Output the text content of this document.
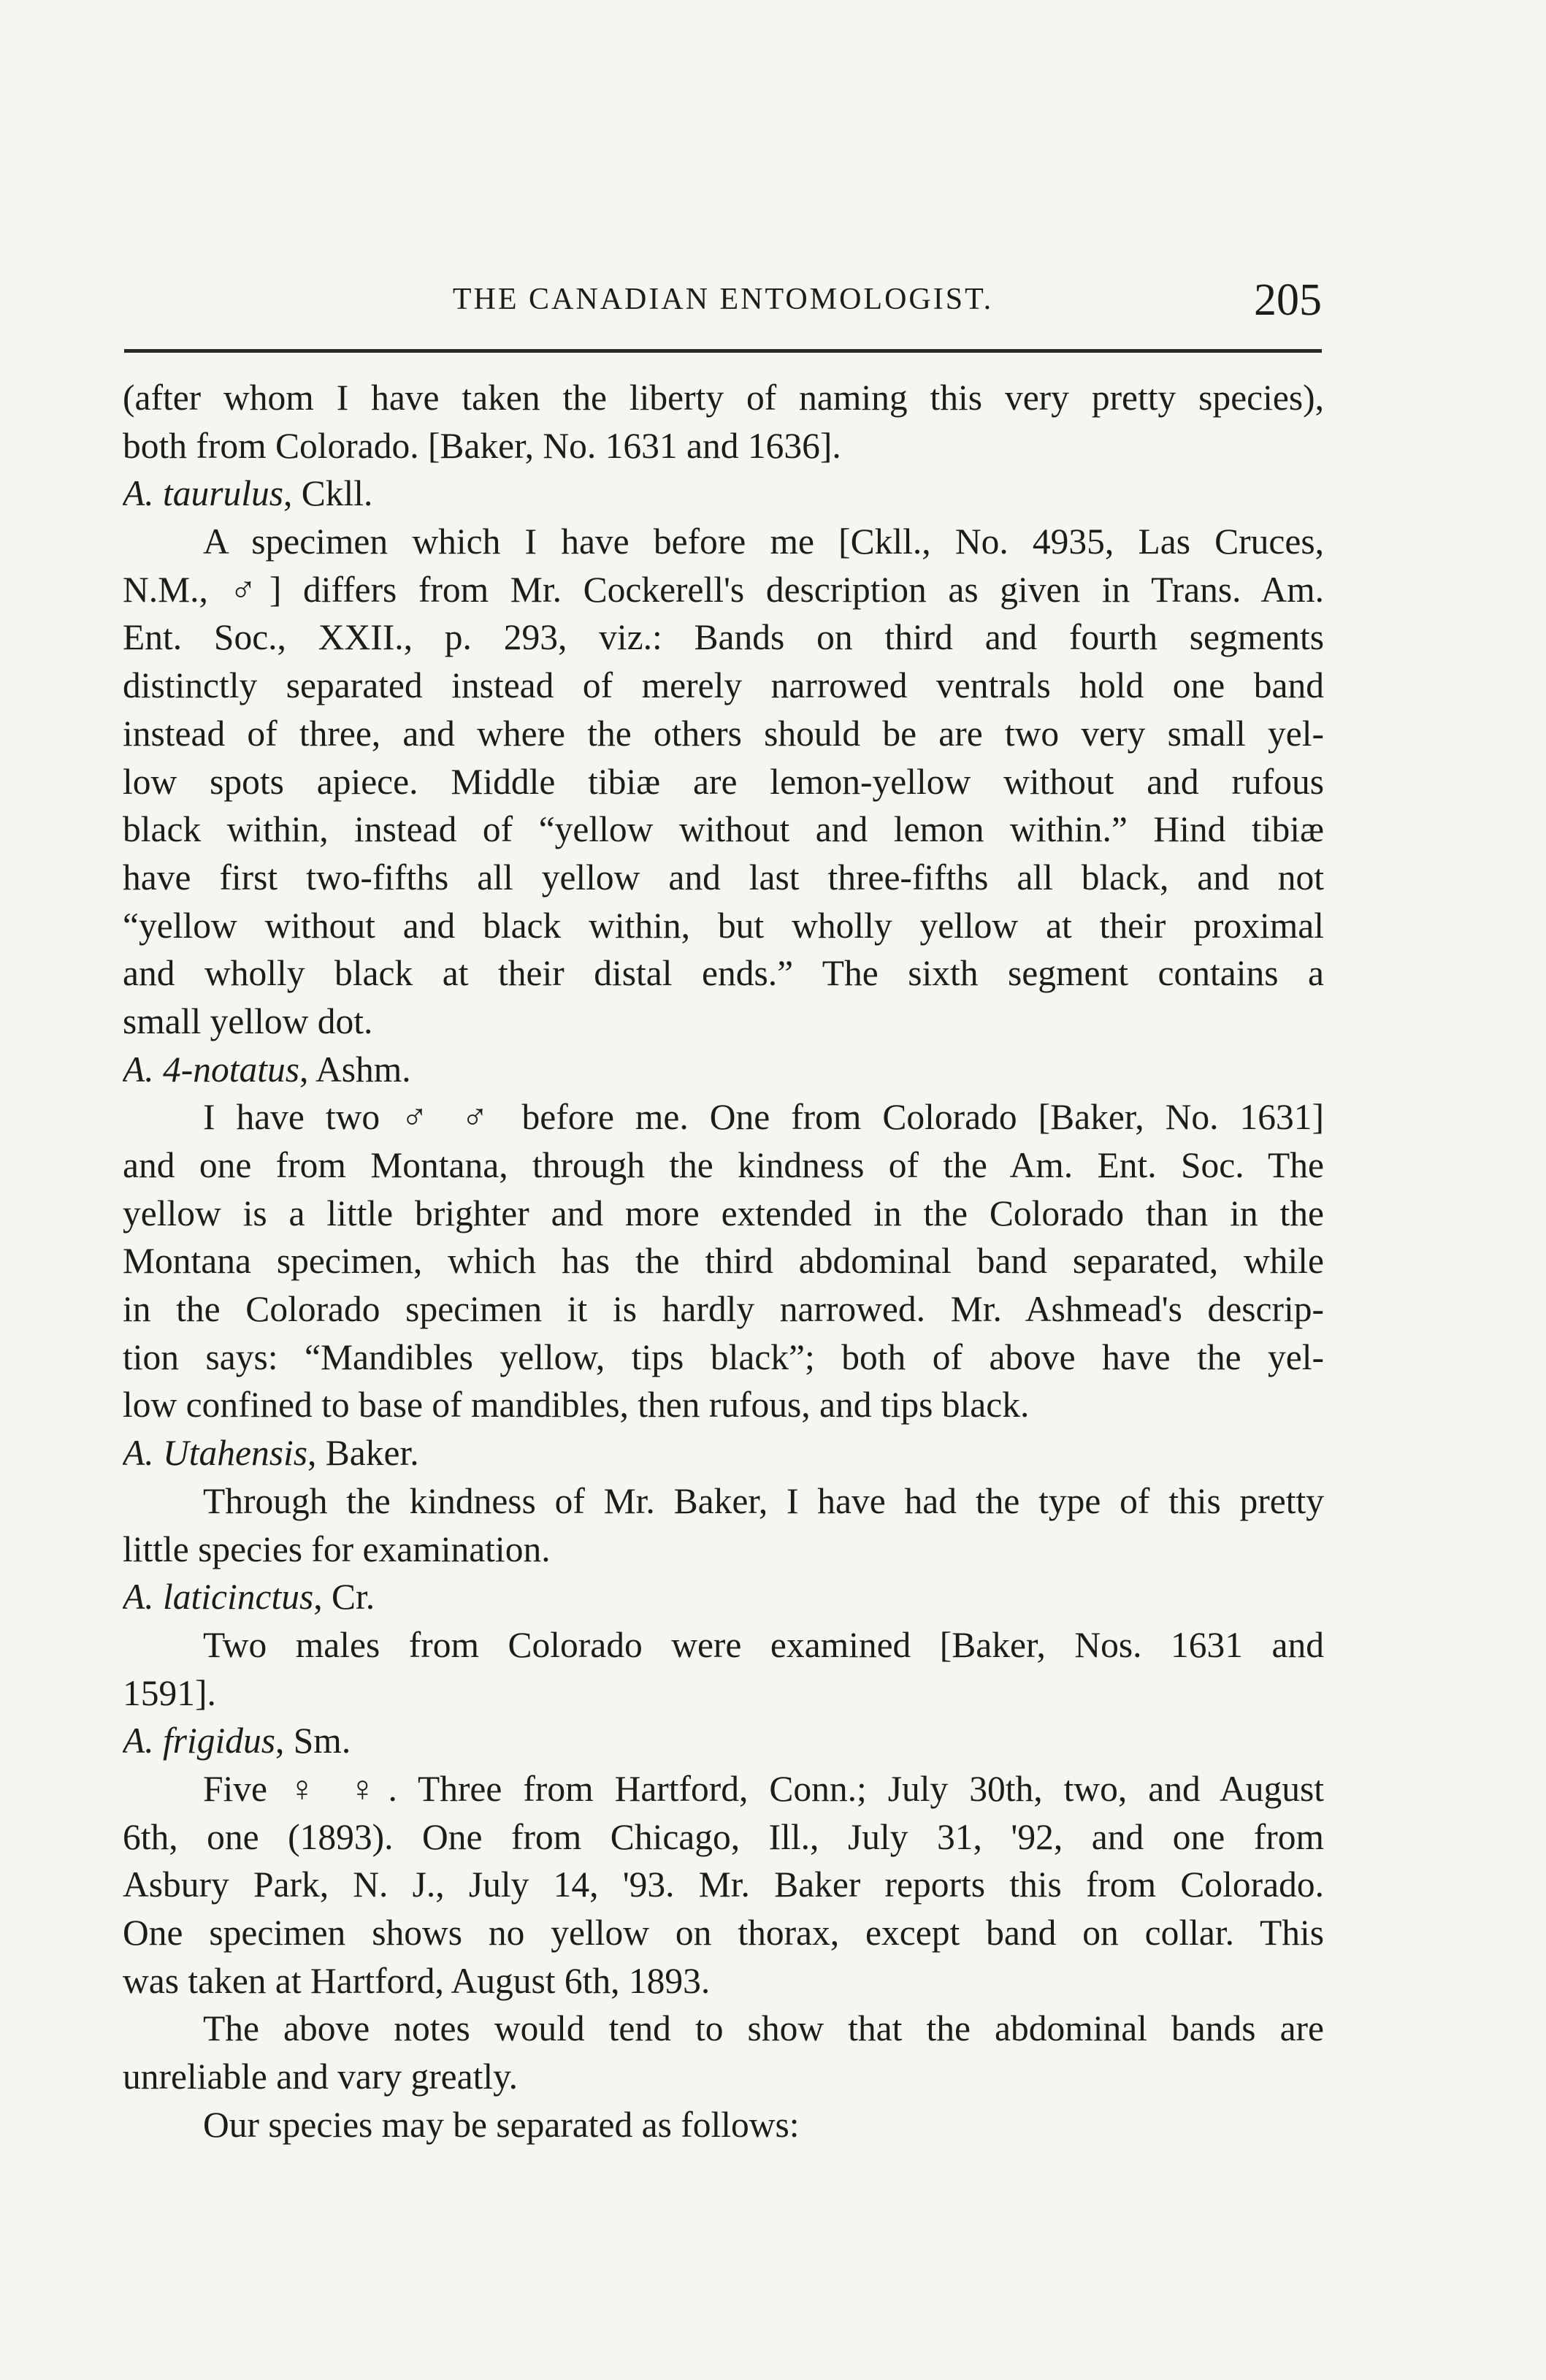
THE CANADIAN ENTOMOLOGIST.	205
(after whom I have taken the liberty of naming this very pretty species),
both from Colorado. [Baker, No. 1631 and 1636].
A. taurulus, Ckll.
A specimen which I have before me [Ckll., No. 4935, Las Cruces,
N.M., ♂] differs from Mr. Cockerell's description as given in Trans. Am.
Ent. Soc., XXII., p. 293, viz.: Bands on third and fourth segments
distinctly separated instead of merely narrowed ventrals hold one band
instead of three, and where the others should be are two very small yel-
low spots apiece. Middle tibiæ are lemon-yellow without and rufous
black within, instead of “yellow without and lemon within.” Hind tibiæ
have first two-fifths all yellow and last three-fifths all black, and not
“yellow without and black within, but wholly yellow at their proximal
and wholly black at their distal ends.” The sixth segment contains a
small yellow dot.
A. 4-notatus, Ashm.
I have two ♂ ♂ before me. One from Colorado [Baker, No. 1631]
and one from Montana, through the kindness of the Am. Ent. Soc. The
yellow is a little brighter and more extended in the Colorado than in the
Montana specimen, which has the third abdominal band separated, while
in the Colorado specimen it is hardly narrowed. Mr. Ashmead's descrip-
tion says: “Mandibles yellow, tips black”; both of above have the yel-
low confined to base of mandibles, then rufous, and tips black.
A. Utahensis, Baker.
Through the kindness of Mr. Baker, I have had the type of this pretty
little species for examination.
A. laticinctus, Cr.
Two males from Colorado were examined [Baker, Nos. 1631 and
1591].
A. frigidus, Sm.
Five ♀ ♀. Three from Hartford, Conn.; July 30th, two, and August
6th, one (1893). One from Chicago, Ill., July 31, '92, and one from
Asbury Park, N. J., July 14, '93. Mr. Baker reports this from Colorado.
One specimen shows no yellow on thorax, except band on collar. This
was taken at Hartford, August 6th, 1893.
The above notes would tend to show that the abdominal bands are
unreliable and vary greatly.
Our species may be separated as follows:
